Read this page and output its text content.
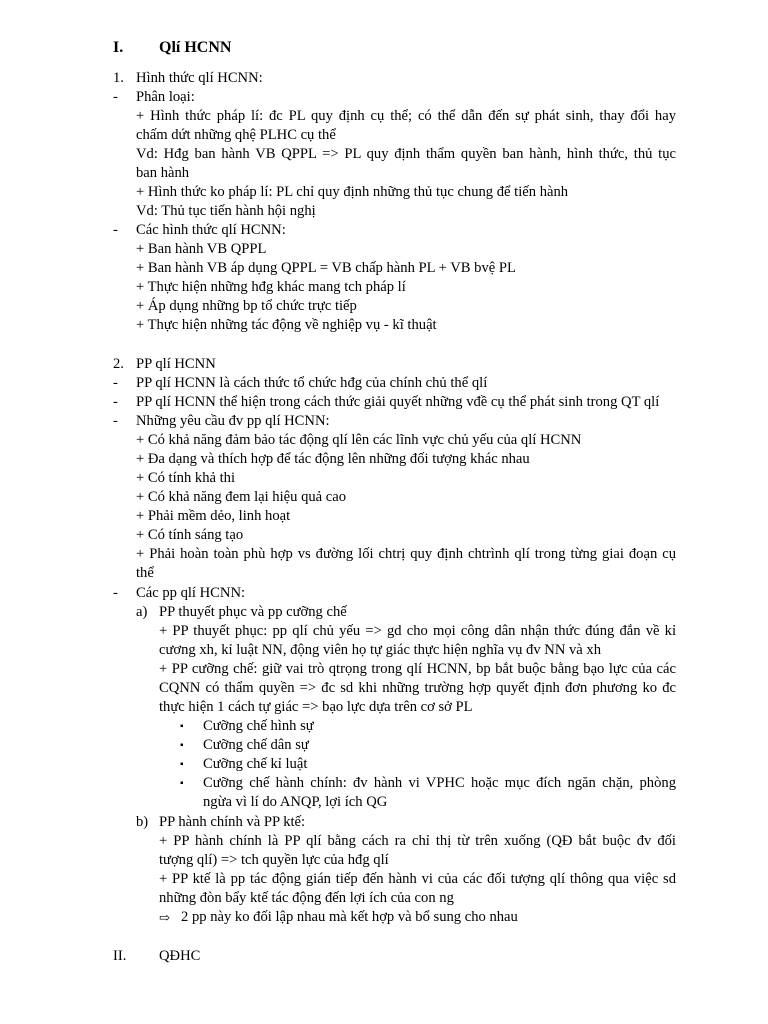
I. Qlí HCNN
1. Hình thức qlí HCNN:
- Phân loại:
+ Hình thức pháp lí: đc PL quy định cụ thể; có thể dẫn đến sự phát sinh, thay đổi hay
chấm dứt những qhệ PLHC cụ thể
Vd: Hđg ban hành VB QPPL => PL quy định thẩm quyền ban hành, hình thức, thủ tục
ban hành
+ Hình thức ko pháp lí: PL chỉ quy định những thủ tục chung để tiến hành
Vd: Thủ tục tiến hành hội nghị
- Các hình thức qlí HCNN:
+ Ban hành VB QPPL
+ Ban hành VB áp dụng QPPL = VB chấp hành PL + VB bvệ PL
+ Thực hiện những hđg khác mang tch pháp lí
+ Áp dụng những bp tổ chức trực tiếp
+ Thực hiện những tác động về nghiệp vụ - kĩ thuật
2. PP qlí HCNN
- PP qlí HCNN là cách thức tổ chức hđg của chính chủ thể qlí
- PP qlí HCNN thể hiện trong cách thức giải quyết những vđề cụ thể phát sinh trong QT qlí
- Những yêu cầu đv pp qlí HCNN:
+ Có khả năng đảm bảo tác động qlí lên các lĩnh vực chủ yếu của qlí HCNN
+ Đa dạng và thích hợp để tác động lên những đối tượng khác nhau
+ Có tính khả thi
+ Có khả năng đem lại hiệu quả cao
+ Phải mềm dẻo, linh hoạt
+ Có tính sáng tạo
+ Phải hoàn toàn phù hợp vs đường lối chtrị quy định chtrình qlí trong từng giai đoạn cụ
thể
- Các pp qlí HCNN:
a) PP thuyết phục và pp cưỡng chế
+ PP thuyết phục: pp qlí chủ yếu => gd cho mọi công dân nhận thức đúng đắn về kỉ
cương xh, kỉ luật NN, động viên họ tự giác thực hiện nghĩa vụ đv NN và xh
+ PP cưỡng chế: giữ vai trò qtrọng trong qlí HCNN, bp bắt buộc bằng bạo lực của các
CQNN có thẩm quyền => đc sd khi những trường hợp quyết định đơn phương ko đc
thực hiện 1 cách tự giác => bạo lực dựa trên cơ sở PL
▪ Cưỡng chế hình sự
▪ Cưỡng chế dân sự
▪ Cưỡng chế kỉ luật
▪ Cưỡng chế hành chính: đv hành vi VPHC hoặc mục đích ngăn chặn, phòng
ngừa vì lí do ANQP, lợi ích QG
b) PP hành chính và PP ktế:
+ PP hành chính là PP qlí bằng cách ra chỉ thị từ trên xuống (QĐ bắt buộc đv đối
tượng qlí) => tch quyền lực của hđg qlí
+ PP ktế là pp tác động gián tiếp đến hành vi của các đối tượng qlí thông qua việc sd
những đòn bẩy ktế tác động đến lợi ích của con ng
⇨ 2 pp này ko đối lập nhau mà kết hợp và bổ sung cho nhau
II. QĐHC
